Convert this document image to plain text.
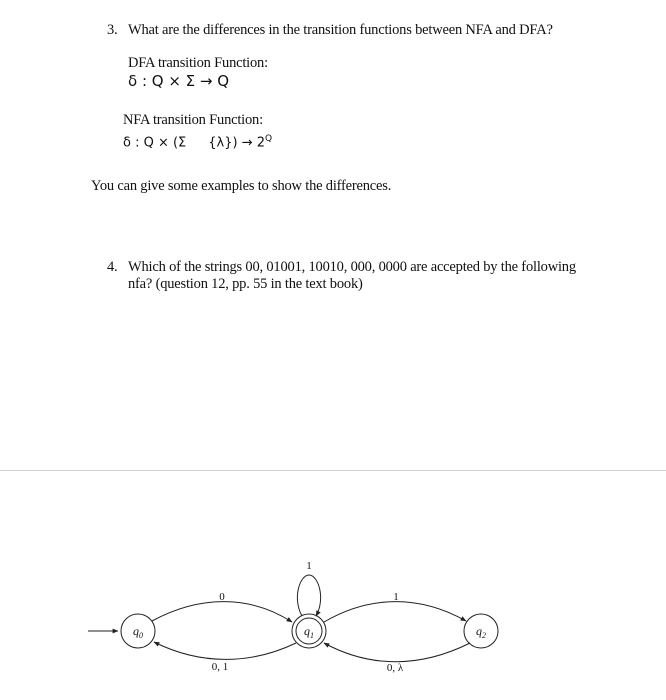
3. What are the differences in the transition functions between NFA and DFA?
DFA transition Function:
δ : Q × Σ → Q
NFA transition Function:
δ : Q × (Σ $\{\lambda\}) \to 2^Q$
You can give some examples to show the differences.
4. Which of the strings 00, 01001, 10010, 000, 0000 are accepted by the following
nfa? (question 12, pp. 55 in the text book)
$q_0$	$q_1$	$q_2$
0
0, 1
1
1
0, λ
